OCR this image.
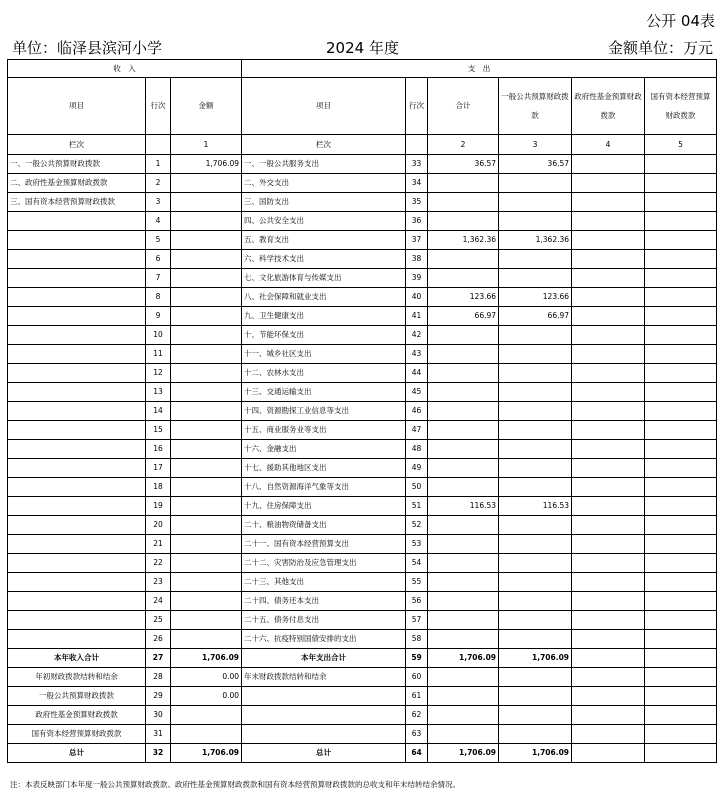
公开 04表
单位：临泽县滨河小学	2024 年度	金额单位：万元
收　入			支　出					
项目	行次	金额	项目	行次	合计	一般公共预算财政拨款	政府性基金预算财政拨款	国有资本经营预算财政拨款
栏次		1	栏次		2	3	4	5
一、一般公共预算财政拨款	1	1,706.09	一、一般公共服务支出	33	36.57	36.57		
二、政府性基金预算财政拨款	2		二、外交支出	34				
三、国有资本经营预算财政拨款	3		三、国防支出	35				
	4		四、公共安全支出	36				
	5		五、教育支出	37	1,362.36	1,362.36		
	6		六、科学技术支出	38				
	7		七、文化旅游体育与传媒支出	39				
	8		八、社会保障和就业支出	40	123.66	123.66		
	9		九、卫生健康支出	41	66.97	66.97		
	10		十、节能环保支出	42				
	11		十一、城乡社区支出	43				
	12		十二、农林水支出	44				
	13		十三、交通运输支出	45				
	14		十四、资源勘探工业信息等支出	46				
	15		十五、商业服务业等支出	47				
	16		十六、金融支出	48				
	17		十七、援助其他地区支出	49				
	18		十八、自然资源海洋气象等支出	50				
	19		十九、住房保障支出	51	116.53	116.53		
	20		二十、粮油物资储备支出	52				
	21		二十一、国有资本经营预算支出	53				
	22		二十二、灾害防治及应急管理支出	54				
	23		二十三、其他支出	55				
	24		二十四、债务还本支出	56				
	25		二十五、债务付息支出	57				
	26		二十六、抗疫特别国债安排的支出	58				
本年收入合计	27	1,706.09	本年支出合计	59	1,706.09	1,706.09		
年初财政拨款结转和结余	28	0.00	年末财政拨款结转和结余	60				
一般公共预算财政拨款	29	0.00		61				
政府性基金预算财政拨款	30			62				
国有资本经营预算财政拨款	31			63				
总计	32	1,706.09	总计	64	1,706.09	1,706.09		
注：本表反映部门本年度一般公共预算财政拨款、政府性基金预算财政拨款和国有资本经营预算财政拨款的总收支和年末结转结余情况。
